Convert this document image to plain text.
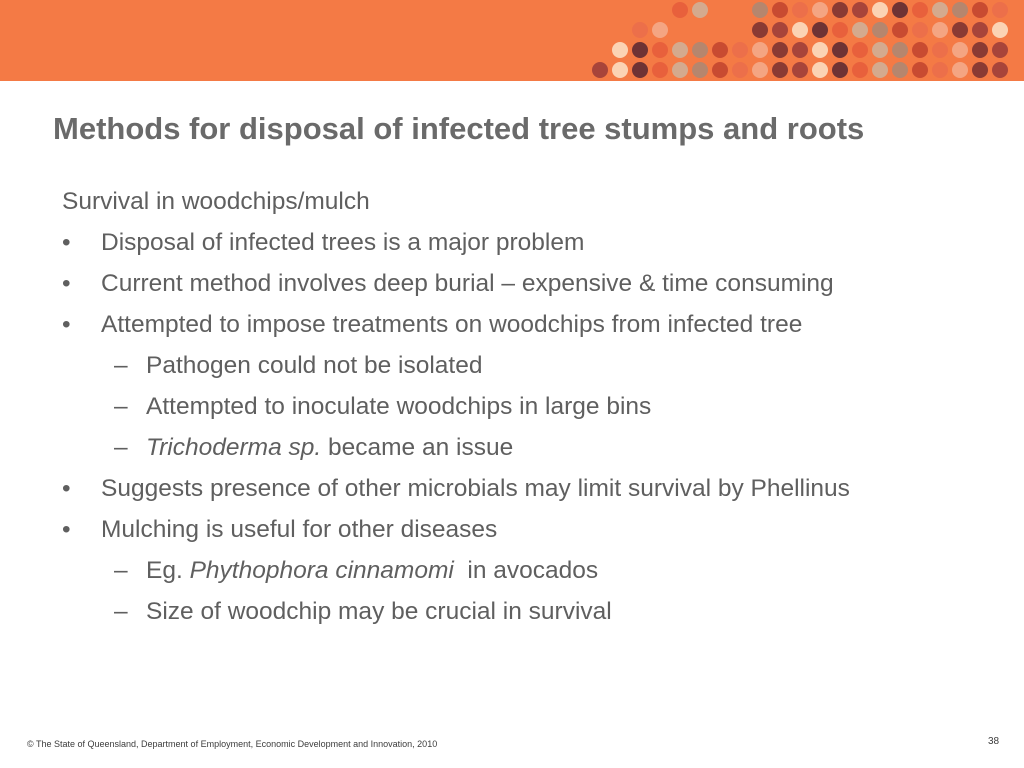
Methods for disposal of infected tree stumps and roots
Survival in woodchips/mulch
• Disposal of infected trees is a major problem
• Current method involves deep burial – expensive & time consuming
• Attempted to impose treatments on woodchips from infected tree
– Pathogen could not be isolated
– Attempted to inoculate woodchips in large bins
– Trichoderma sp. became an issue
• Suggests presence of other microbials may limit survival by Phellinus
• Mulching is useful for other diseases
– Eg. Phythophora cinnamomi  in avocados
– Size of woodchip may be crucial in survival
© The State of Queensland, Department of Employment, Economic Development and Innovation, 2010	38
